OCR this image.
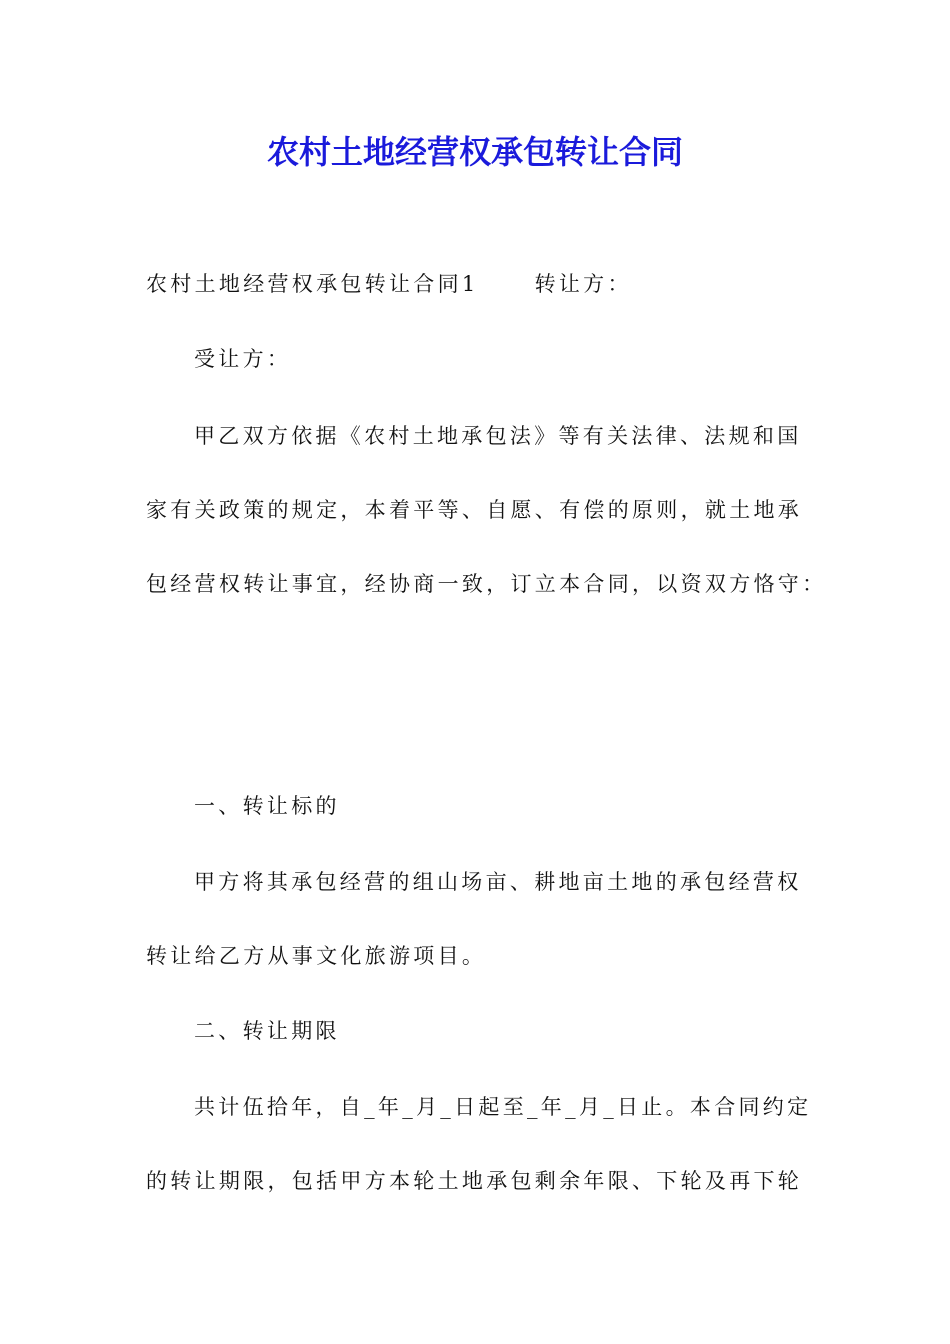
农村土地经营权承包转让合同
农村土地经营权承包转让合同1	转让方：
受让方：
甲乙双方依据《农村土地承包法》等有关法律、法规和国
家有关政策的规定，本着平等、自愿、有偿的原则，就土地承
包经营权转让事宜，经协商一致，订立本合同，以资双方恪守：
一、转让标的
甲方将其承包经营的组山场亩、耕地亩土地的承包经营权
转让给乙方从事文化旅游项目。
二、转让期限
共计伍拾年，自_年_月_日起至_年_月_日止。本合同约定
的转让期限，包括甲方本轮土地承包剩余年限、下轮及再下轮
